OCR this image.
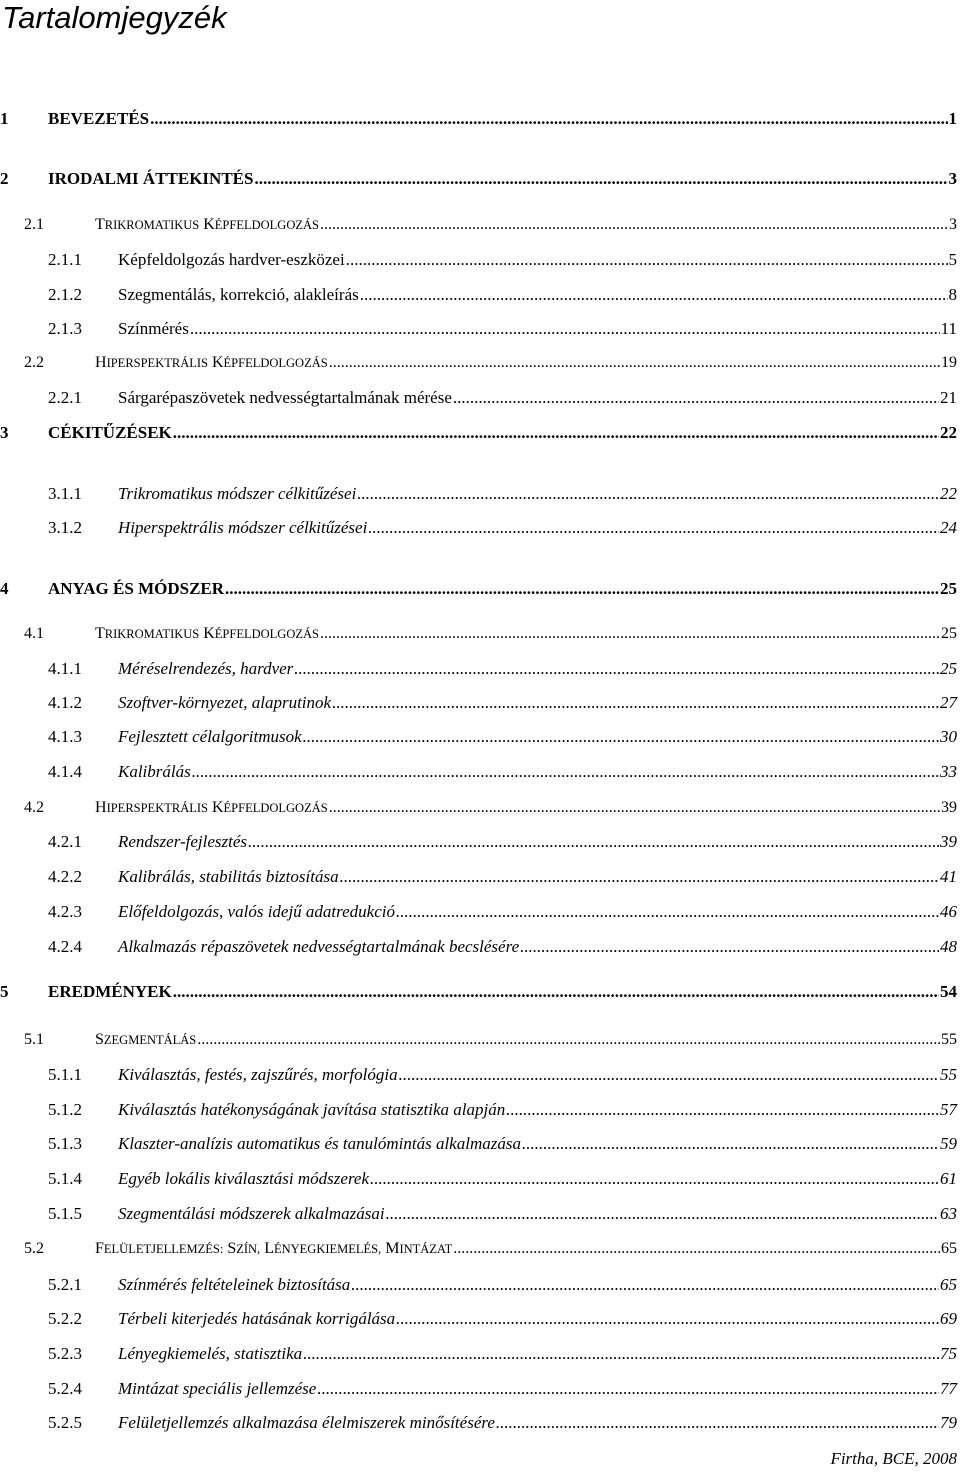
Tartalomjegyzék
1 BEVEZETÉS .....	1
2 IRODALMI ÁTTEKINTÉS .....	3
2.1	TRIKROMATIKUS KÉPFELDOLGOZÁS .....	3
2.1.1 Képfeldolgozás hardver-eszközei .....	5
2.1.2 Szegmentálás, korrekció, alakleírás .....	8
2.1.3 Színmérés .....	11
2.2	HIPERSPEKTRÁLIS KÉPFELDOLGOZÁS .....	19
2.2.1 Sárgarépaszövetek nedvességtartalmának mérése .....	21
3 CÉKITŰZÉSEK .....	22
3.1.1 Trikromatikus módszer célkitűzései .....	22
3.1.2 Hiperspektrális módszer célkitűzései .....	24
4 ANYAG ÉS MÓDSZER .....	25
4.1	TRIKROMATIKUS KÉPFELDOLGOZÁS .....	25
4.1.1 Méréselrendezés, hardver .....	25
4.1.2 Szoftver-környezet, alaprutinok .....	27
4.1.3 Fejlesztett célalgoritmusok .....	30
4.1.4 Kalibrálás .....	33
4.2	HIPERSPEKTRÁLIS KÉPFELDOLGOZÁS .....	39
4.2.1 Rendszer-fejlesztés .....	39
4.2.2 Kalibrálás, stabilitás biztosítása .....	41
4.2.3 Előfeldolgozás, valós idejű adatredukció .....	46
4.2.4 Alkalmazás répaszövetek nedvességtartalmának becslésére .....	48
5 EREDMÉNYEK .....	54
5.1	SZEGMENTÁLÁS .....	55
5.1.1 Kiválasztás, festés, zajszűrés, morfológia .....	55
5.1.2 Kiválasztás hatékonyságának javítása statisztika alapján .....	57
5.1.3 Klaszter-analízis automatikus és tanulómintás alkalmazása .....	59
5.1.4 Egyéb lokális kiválasztási módszerek .....	61
5.1.5 Szegmentálási módszerek alkalmazásai .....	63
5.2	FELÜLETJELLEMZÉS: SZÍN, LÉNYEGKIEMELÉS, MINTÁZAT .....	65
5.2.1 Színmérés feltételeinek biztosítása .....	65
5.2.2 Térbeli kiterjedés hatásának korrigálása .....	69
5.2.3 Lényegkiemelés, statisztika .....	75
5.2.4 Mintázat speciális jellemzése .....	77
5.2.5 Felületjellemzés alkalmazása élelmiszerek minősítésére .....	79
Firtha, BCE, 2008
